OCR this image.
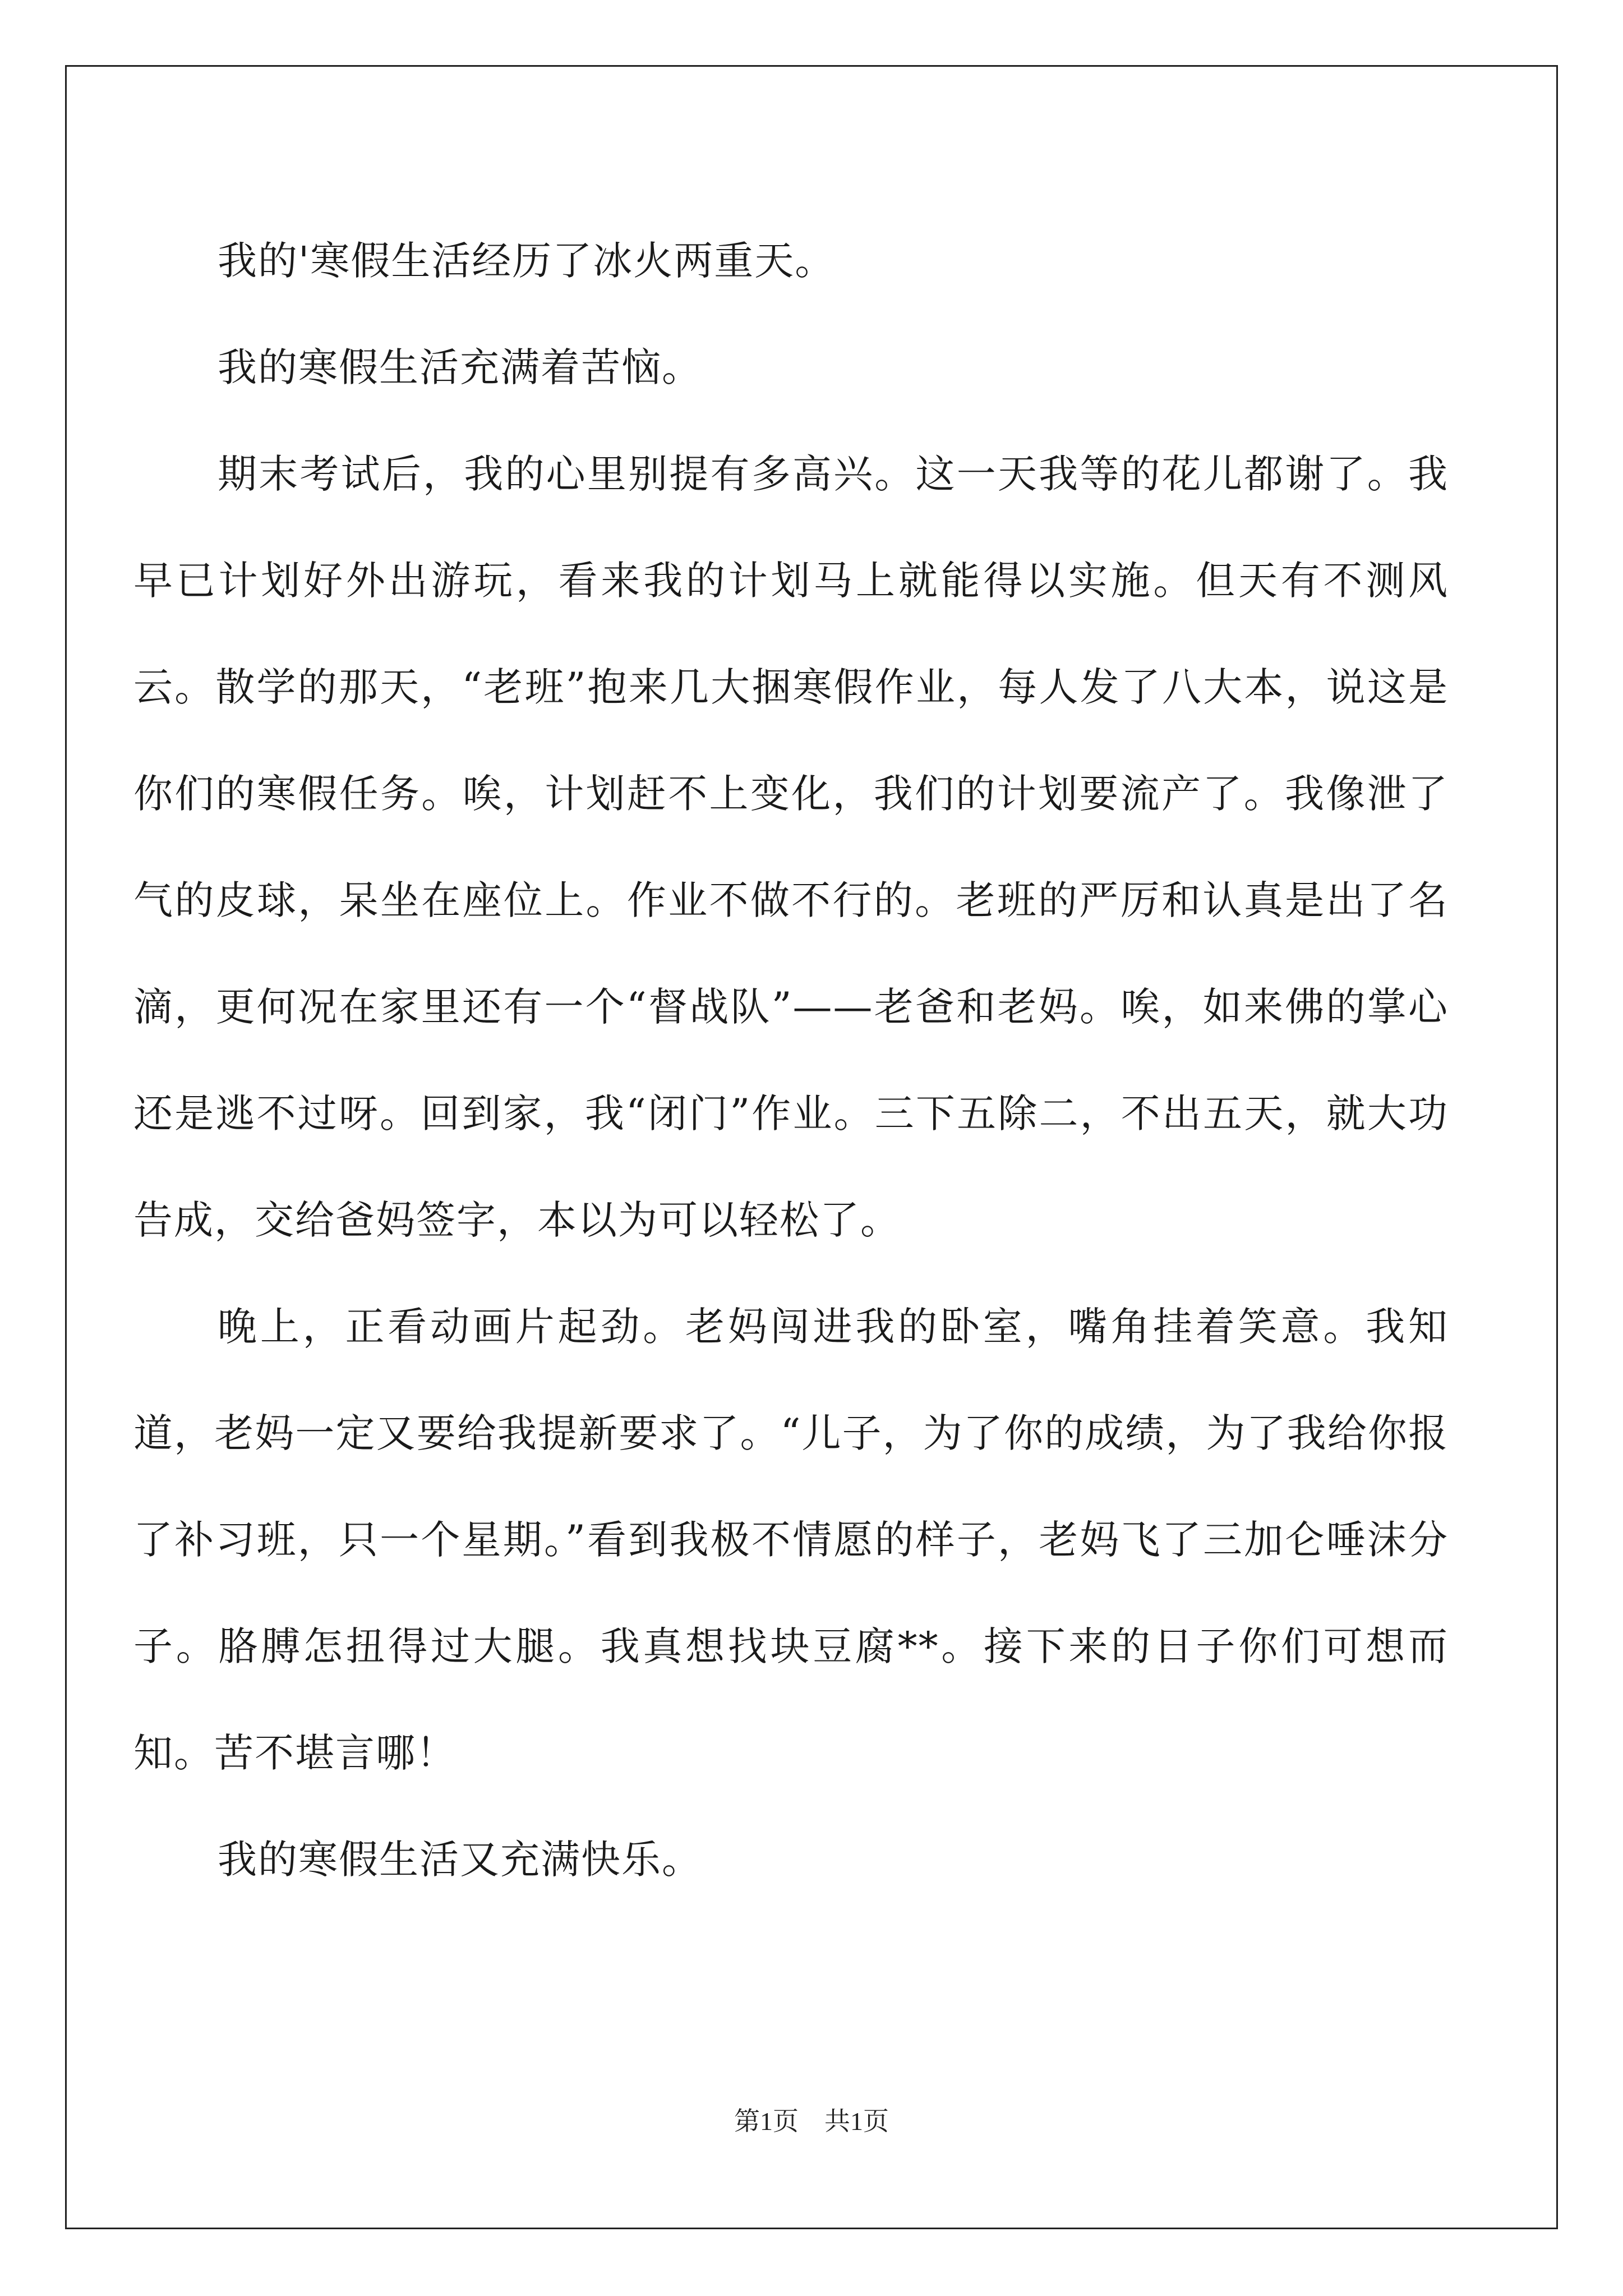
我的'寒假生活经历了冰火两重天。

我的寒假生活充满着苦恼。

期末考试后，我的心里别提有多高兴。这一天我等的花儿都谢了。我早已计划好外出游玩，看来我的计划马上就能得以实施。但天有不测风云。散学的那天，“老班”抱来几大捆寒假作业，每人发了八大本，说这是你们的寒假任务。唉，计划赶不上变化，我们的计划要流产了。我像泄了气的皮球，呆坐在座位上。作业不做不行的。老班的严厉和认真是出了名滴，更何况在家里还有一个“督战队”——老爸和老妈。唉，如来佛的掌心还是逃不过呀。回到家，我“闭门”作业。三下五除二，不出五天，就大功告成，交给爸妈签字，本以为可以轻松了。

晚上，正看动画片起劲。老妈闯进我的卧室，嘴角挂着笑意。我知道，老妈一定又要给我提新要求了。“儿子，为了你的成绩，为了我给你报了补习班，只一个星期。”看到我极不情愿的样子，老妈飞了三加仑唾沫分子。胳膊怎扭得过大腿。我真想找块豆腐**。接下来的日子你们可想而知。苦不堪言哪！

我的寒假生活又充满快乐。

第1页 共1页
